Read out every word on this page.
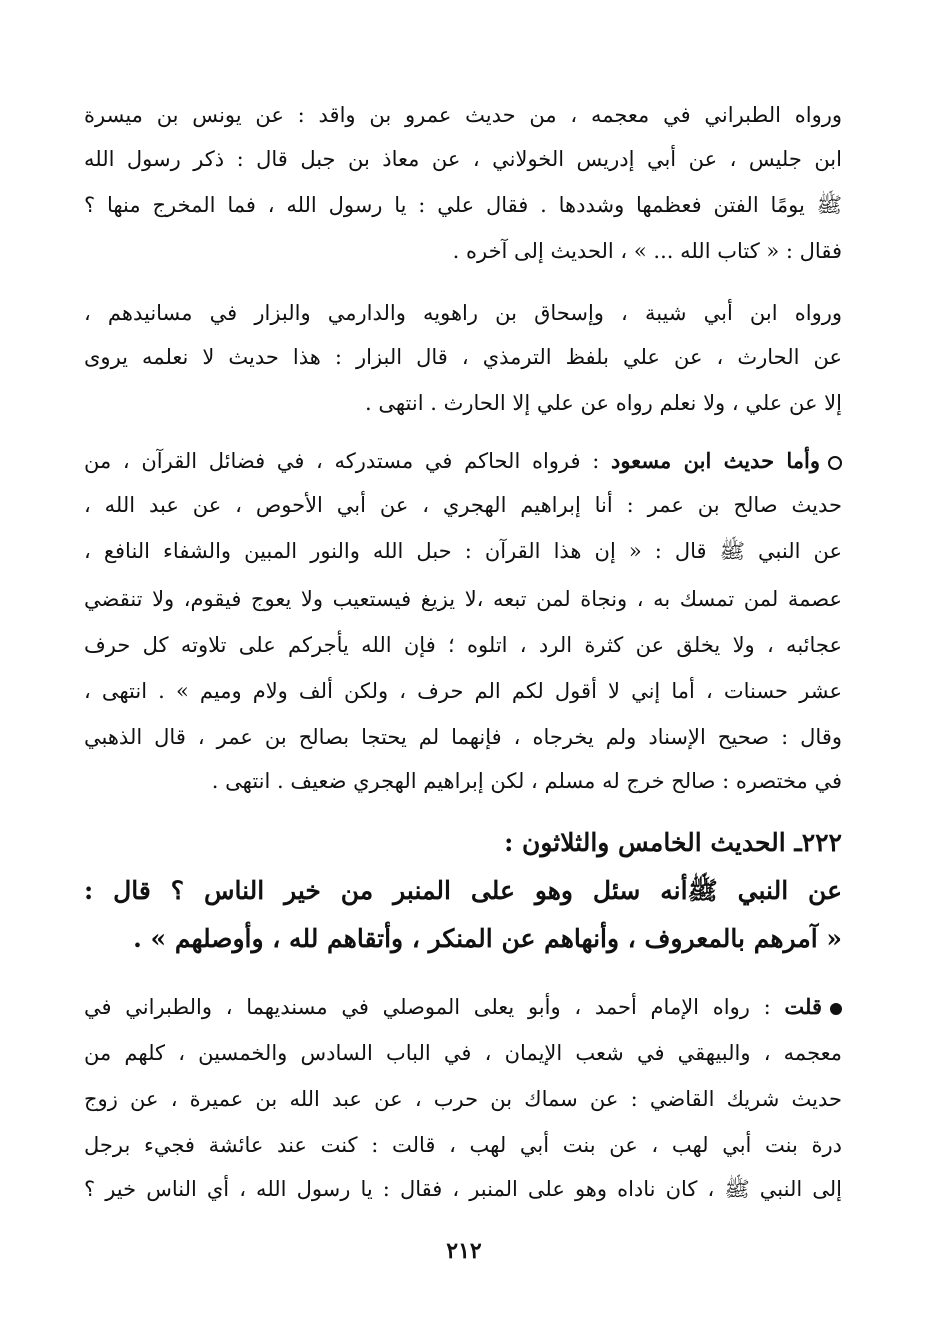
ورواه الطبراني في معجمه ، من حديث عمرو بن واقد : عن يونس بن ميسرة
ابن جليس ، عن أبي إدريس الخولاني ، عن معاذ بن جبل قال : ذكر رسول الله
ﷺ يومًا الفتن فعظمها وشددها . فقال علي : يا رسول الله ، فما المخرج منها ؟
فقال : « كتاب الله ... » ، الحديث إلى آخره .
ورواه ابن أبي شيبة ، وإسحاق بن راهويه والدارمي والبزار في مسانيدهم ،
عن الحارث ، عن علي بلفظ الترمذي ، قال البزار : هذا حديث لا نعلمه يروى
إلا عن علي ، ولا نعلم رواه عن علي إلا الحارث . انتهى .
وأما حديث ابن مسعود : فرواه الحاكم في مستدركه ، في فضائل القرآن ، من
حديث صالح بن عمر : أنا إبراهيم الهجري ، عن أبي الأحوص ، عن عبد الله ،
عن النبي ﷺ قال : « إن هذا القرآن : حبل الله والنور المبين والشفاء النافع ،
عصمة لمن تمسك به ، ونجاة لمن تبعه ،لا يزيغ فيستعيب ولا يعوج فيقوم، ولا تنقضي
عجائبه ، ولا يخلق عن كثرة الرد ، اتلوه ؛ فإن الله يأجركم على تلاوته كل حرف
عشر حسنات ، أما إني لا أقول لكم الم حرف ، ولكن ألف ولام وميم » . انتهى ،
وقال : صحيح الإسناد ولم يخرجاه ، فإنهما لم يحتجا بصالح بن عمر ، قال الذهبي
في مختصره : صالح خرج له مسلم ، لكن إبراهيم الهجري ضعيف . انتهى .
٢٢٢ـ الحديث الخامس والثلاثون :
عن النبي ﷺأنه سئل وهو على المنبر من خير الناس ؟ قال :
« آمرهم بالمعروف ، وأنهاهم عن المنكر ، وأتقاهم لله ، وأوصلهم » .
قلت : رواه الإمام أحمد ، وأبو يعلى الموصلي في مسنديهما ، والطبراني في
معجمه ، والبيهقي في شعب الإيمان ، في الباب السادس والخمسين ، كلهم من
حديث شريك القاضي : عن سماك بن حرب ، عن عبد الله بن عميرة ، عن زوج
درة بنت أبي لهب ، عن بنت أبي لهب ، قالت : كنت عند عائشة فجيء برجل
إلى النبي ﷺ ، كان ناداه وهو على المنبر ، فقال : يا رسول الله ، أي الناس خير ؟
٢١٢
